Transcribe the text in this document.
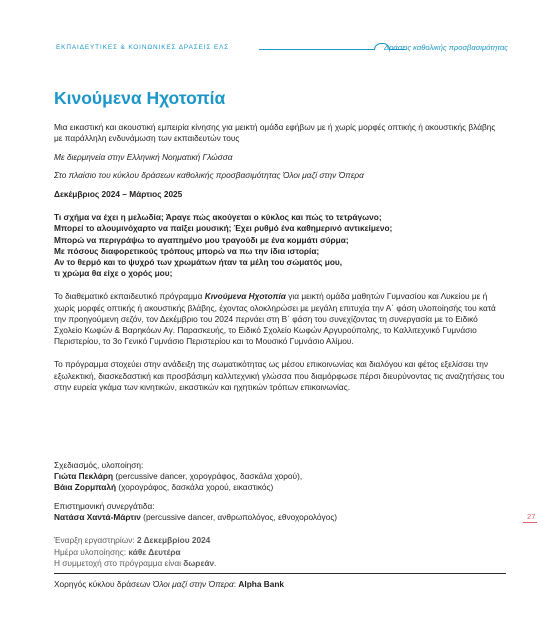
ΕΚΠΑΙΔΕΥΤΙΚΕΣ & ΚΟΙΝΩΝΙΚΕΣ ΔΡΑΣΕΙΣ ΕΛΣ	Δράσεις καθολικής προσβασιμότητας
Κινούμενα Ηχοτοπία

Μια εικαστική και ακουστική εμπειρία κίνησης για μεικτή ομάδα εφήβων με ή χωρίς μορφές οπτικής ή ακουστικής βλάβης με παράλληλη ενδυνάμωση των εκπαιδευτών τους

Με διερμηνεία στην Ελληνική Νοηματική Γλώσσα

Στο πλαίσιο του κύκλου δράσεων καθολικής προσβασιμότητας Όλοι μαζί στην Όπερα

Δεκέμβριος 2024 – Μάρτιος 2025

Τι σχήμα να έχει η μελωδία; Άραγε πώς ακούγεται ο κύκλος και πώς το τετράγωνο;

Μπορεί το αλουμινόχαρτο να παίξει μουσική; Έχει ρυθμό ένα καθημερινό αντικείμενο;

Μπορώ να περιγράψω το αγαπημένο μου τραγούδι με ένα κομμάτι σύρμα;

Με πόσους διαφορετικούς τρόπους μπορώ να πω την ίδια ιστορία;

Αν το θερμό και το ψυχρό των χρωμάτων ήταν τα μέλη του σώματός μου,

τι χρώμα θα είχε ο χορός μου;

Το διαθεματικό εκπαιδευτικό πρόγραμμα Κινούμενα Ηχοτοπία για μεικτή ομάδα μαθητών Γυμνασίου και Λυκείου με ή χωρίς μορφές οπτικής ή ακουστικής βλάβης, έχοντας ολοκληρώσει με μεγάλη επιτυχία την Α΄ φάση υλοποίησής του κατά την προηγούμενη σεζόν, τον Δεκέμβριο του 2024 περνάει στη Β΄ φάση του συνεχίζοντας τη συνεργασία με το Ειδικό Σχολείο Κωφών & Βαρηκόων Αγ. Παρασκευής, το Ειδικό Σχολείο Κωφών Αργυρούπολης, το Καλλιτεχνικό Γυμνάσιο Περιστερίου, το 3ο Γενικό Γυμνάσιο Περιστερίου και το Μουσικό Γυμνάσιο Αλίμου.

Το πρόγραμμα στοχεύει στην ανάδειξη της σωματικότητας ως μέσου επικοινωνίας και διαλόγου και φέτος εξελίσσει την εξωλεκτική, διασκεδαστική και προσβάσιμη καλλιτεχνική γλώσσα που διαμόρφωσε πέρσι διευρύνοντας τις αναζητήσεις του στην ευρεία γκάμα των κινητικών, εικαστικών και ηχητικών τρόπων επικοινωνίας.

Σχεδιασμός, υλοποίηση:

Γιώτα Πεκλάρη (percussive dancer, χορογράφος, δασκάλα χορού),

Βάια Ζορμπαλή (χορογράφος, δασκάλα χορού, εικαστικός)

Επιστημονική συνεργάτιδα:

Νατάσα Χαντά-Μάρτιν (percussive dancer, ανθρωπολόγος, εθνοχορολόγος)

Έναρξη εργαστηρίων: 2 Δεκεμβρίου 2024

Ημέρα υλοποίησης: κάθε Δευτέρα

Η συμμετοχή στο πρόγραμμα είναι δωρεάν.

27

Χορηγός κύκλου δράσεων Όλοι μαζί στην Όπερα: Alpha Bank
